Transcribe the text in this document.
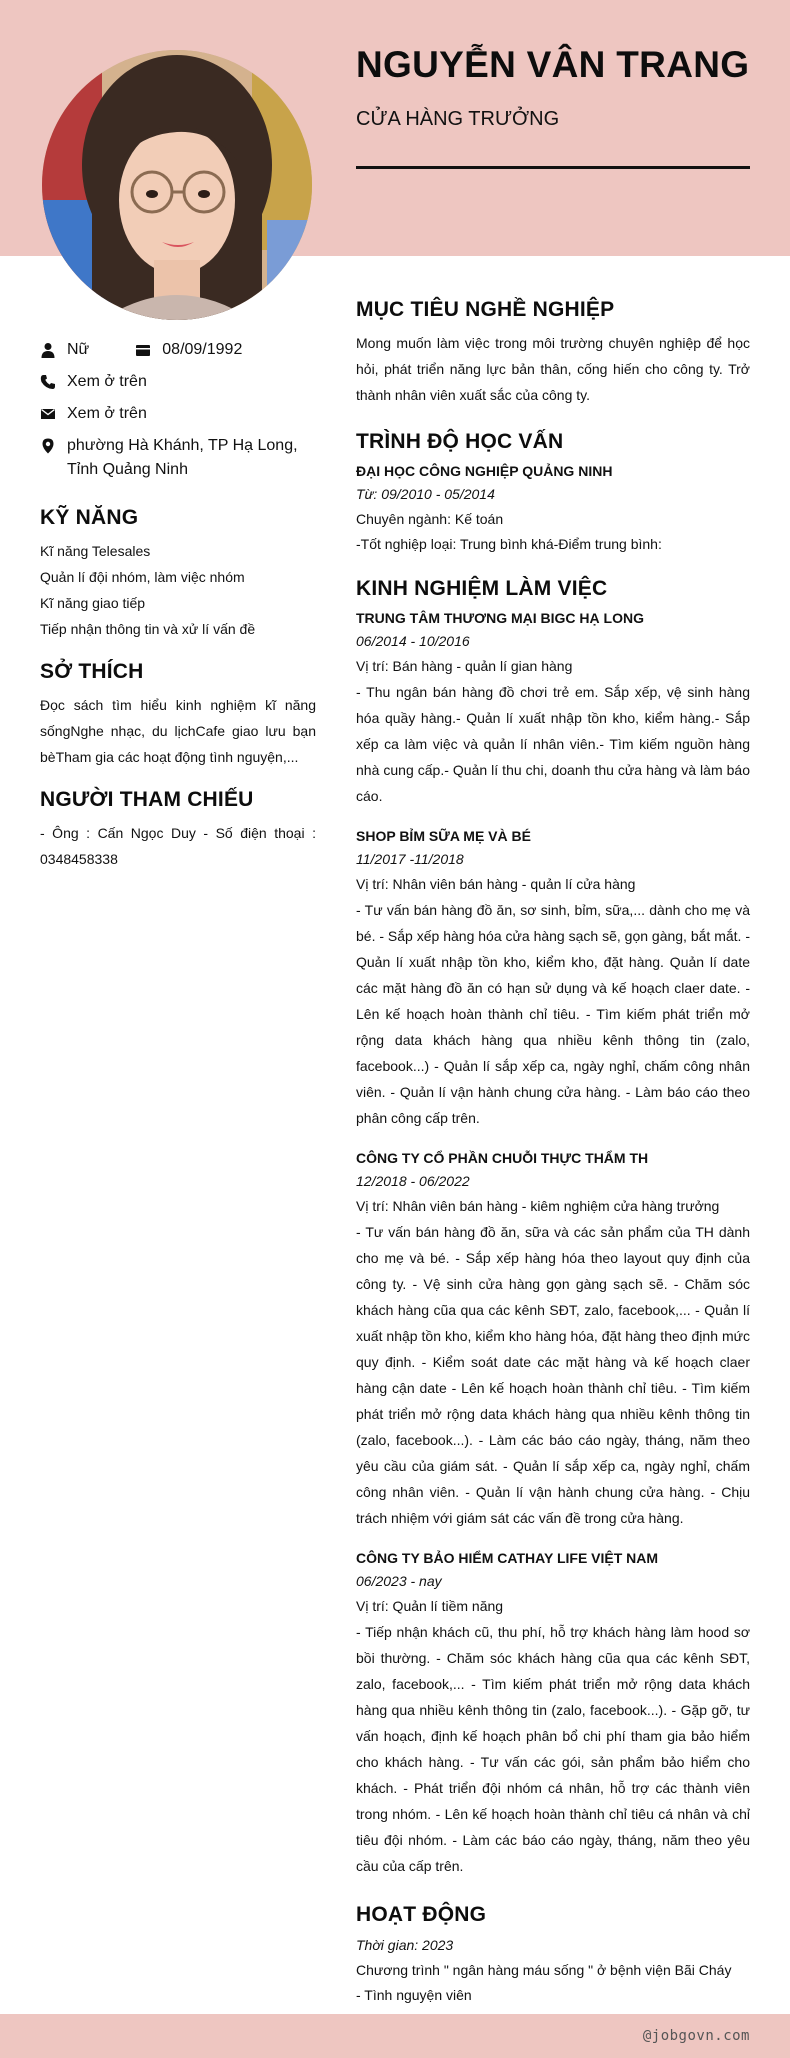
NGUYỄN VÂN TRANG
CỬA HÀNG TRƯỞNG
Nữ	08/09/1992
Xem ở trên
Xem ở trên
phường Hà Khánh, TP Hạ Long, Tỉnh Quảng Ninh
KỸ NĂNG
Kĩ năng Telesales
Quản lí đội nhóm, làm việc nhóm
Kĩ năng giao tiếp
Tiếp nhận thông tin và xử lí vấn đề
SỞ THÍCH

Đọc sách tìm hiểu kinh nghiệm kĩ năng sốngNghe nhạc, du lịchCafe giao lưu bạn bèTham gia các hoạt động tình nguyện,...

NGƯỜI THAM CHIẾU

- Ông : Cấn Ngọc Duy - Số điện thoại : 0348458338

MỤC TIÊU NGHỀ NGHIỆP

Mong muốn làm việc trong môi trường chuyên nghiệp để học hỏi, phát triển năng lực bản thân, cống hiến cho công ty. Trở thành nhân viên xuất sắc của công ty.

TRÌNH ĐỘ HỌC VẤN
ĐẠI HỌC CÔNG NGHIỆP QUẢNG NINH
Từ: 09/2010 - 05/2014
Chuyên ngành: Kế toán
-Tốt nghiệp loại: Trung bình khá-Điểm trung bình:
KINH NGHIỆM LÀM VIỆC
TRUNG TÂM THƯƠNG MẠI BIGC HẠ LONG
06/2014 - 10/2016
Vị trí: Bán hàng - quản lí gian hàng

- Thu ngân bán hàng đồ chơi trẻ em. Sắp xếp, vệ sinh hàng hóa quầy hàng.- Quản lí xuất nhập tồn kho, kiểm hàng.- Sắp xếp ca làm việc và quản lí nhân viên.- Tìm kiếm nguồn hàng nhà cung cấp.- Quản lí thu chi, doanh thu cửa hàng và làm báo cáo.

SHOP BỈM SỮA MẸ VÀ BÉ
11/2017 -11/2018
Vị trí: Nhân viên bán hàng - quản lí cửa hàng

- Tư vấn bán hàng đồ ăn, sơ sinh, bỉm, sữa,... dành cho mẹ và bé. - Sắp xếp hàng hóa cửa hàng sạch sẽ, gọn gàng, bắt mắt. - Quản lí xuất nhập tồn kho, kiểm kho, đặt hàng. Quản lí date các mặt hàng đồ ăn có hạn sử dụng và kế hoạch claer date. - Lên kế hoạch hoàn thành chỉ tiêu. - Tìm kiếm phát triển mở rộng data khách hàng qua nhiều kênh thông tin (zalo, facebook...) - Quản lí sắp xếp ca, ngày nghỉ, chấm công nhân viên. - Quản lí vận hành chung cửa hàng. - Làm báo cáo theo phân công cấp trên.

CÔNG TY CỔ PHẦN CHUỖI THỰC THẨM TH
12/2018 - 06/2022
Vị trí: Nhân viên bán hàng - kiêm nghiệm cửa hàng trưởng

- Tư vấn bán hàng đồ ăn, sữa và các sản phẩm của TH dành cho mẹ và bé. - Sắp xếp hàng hóa theo layout quy định của công ty. - Vệ sinh cửa hàng gọn gàng sạch sẽ. - Chăm sóc khách hàng cũa qua các kênh SĐT, zalo, facebook,... - Quản lí xuất nhập tồn kho, kiểm kho hàng hóa, đặt hàng theo định mức quy định. - Kiểm soát date các mặt hàng và kế hoạch claer hàng cận date - Lên kế hoạch hoàn thành chỉ tiêu. - Tìm kiếm phát triển mở rộng data khách hàng qua nhiều kênh thông tin (zalo, facebook...). - Làm các báo cáo ngày, tháng, năm theo yêu cầu của giám sát. - Quản lí sắp xếp ca, ngày nghỉ, chấm công nhân viên. - Quản lí vận hành chung cửa hàng. - Chịu trách nhiệm với giám sát các vấn đề trong cửa hàng.

CÔNG TY BẢO HIỂM CATHAY LIFE VIỆT NAM
06/2023 - nay
Vị trí: Quản lí tiềm năng

- Tiếp nhận khách cũ, thu phí, hỗ trợ khách hàng làm hood sơ bồi thường. - Chăm sóc khách hàng cũa qua các kênh SĐT, zalo, facebook,... - Tìm kiếm phát triển mở rộng data khách hàng qua nhiều kênh thông tin (zalo, facebook...). - Gặp gỡ, tư vấn hoạch, định kế hoạch phân bổ chi phí tham gia bảo hiểm cho khách hàng. - Tư vấn các gói, sản phẩm bảo hiểm cho khách. - Phát triển đội nhóm cá nhân, hỗ trợ các thành viên trong nhóm. - Lên kế hoạch hoàn thành chỉ tiêu cá nhân và chỉ tiêu đội nhóm. - Làm các báo cáo ngày, tháng, năm theo yêu cầu của cấp trên.

HOẠT ĐỘNG
Thời gian: 2023
Chương trình " ngân hàng máu sống " ở bệnh viện Bãi Cháy
- Tình nguyện viên
@jobgovn.com
